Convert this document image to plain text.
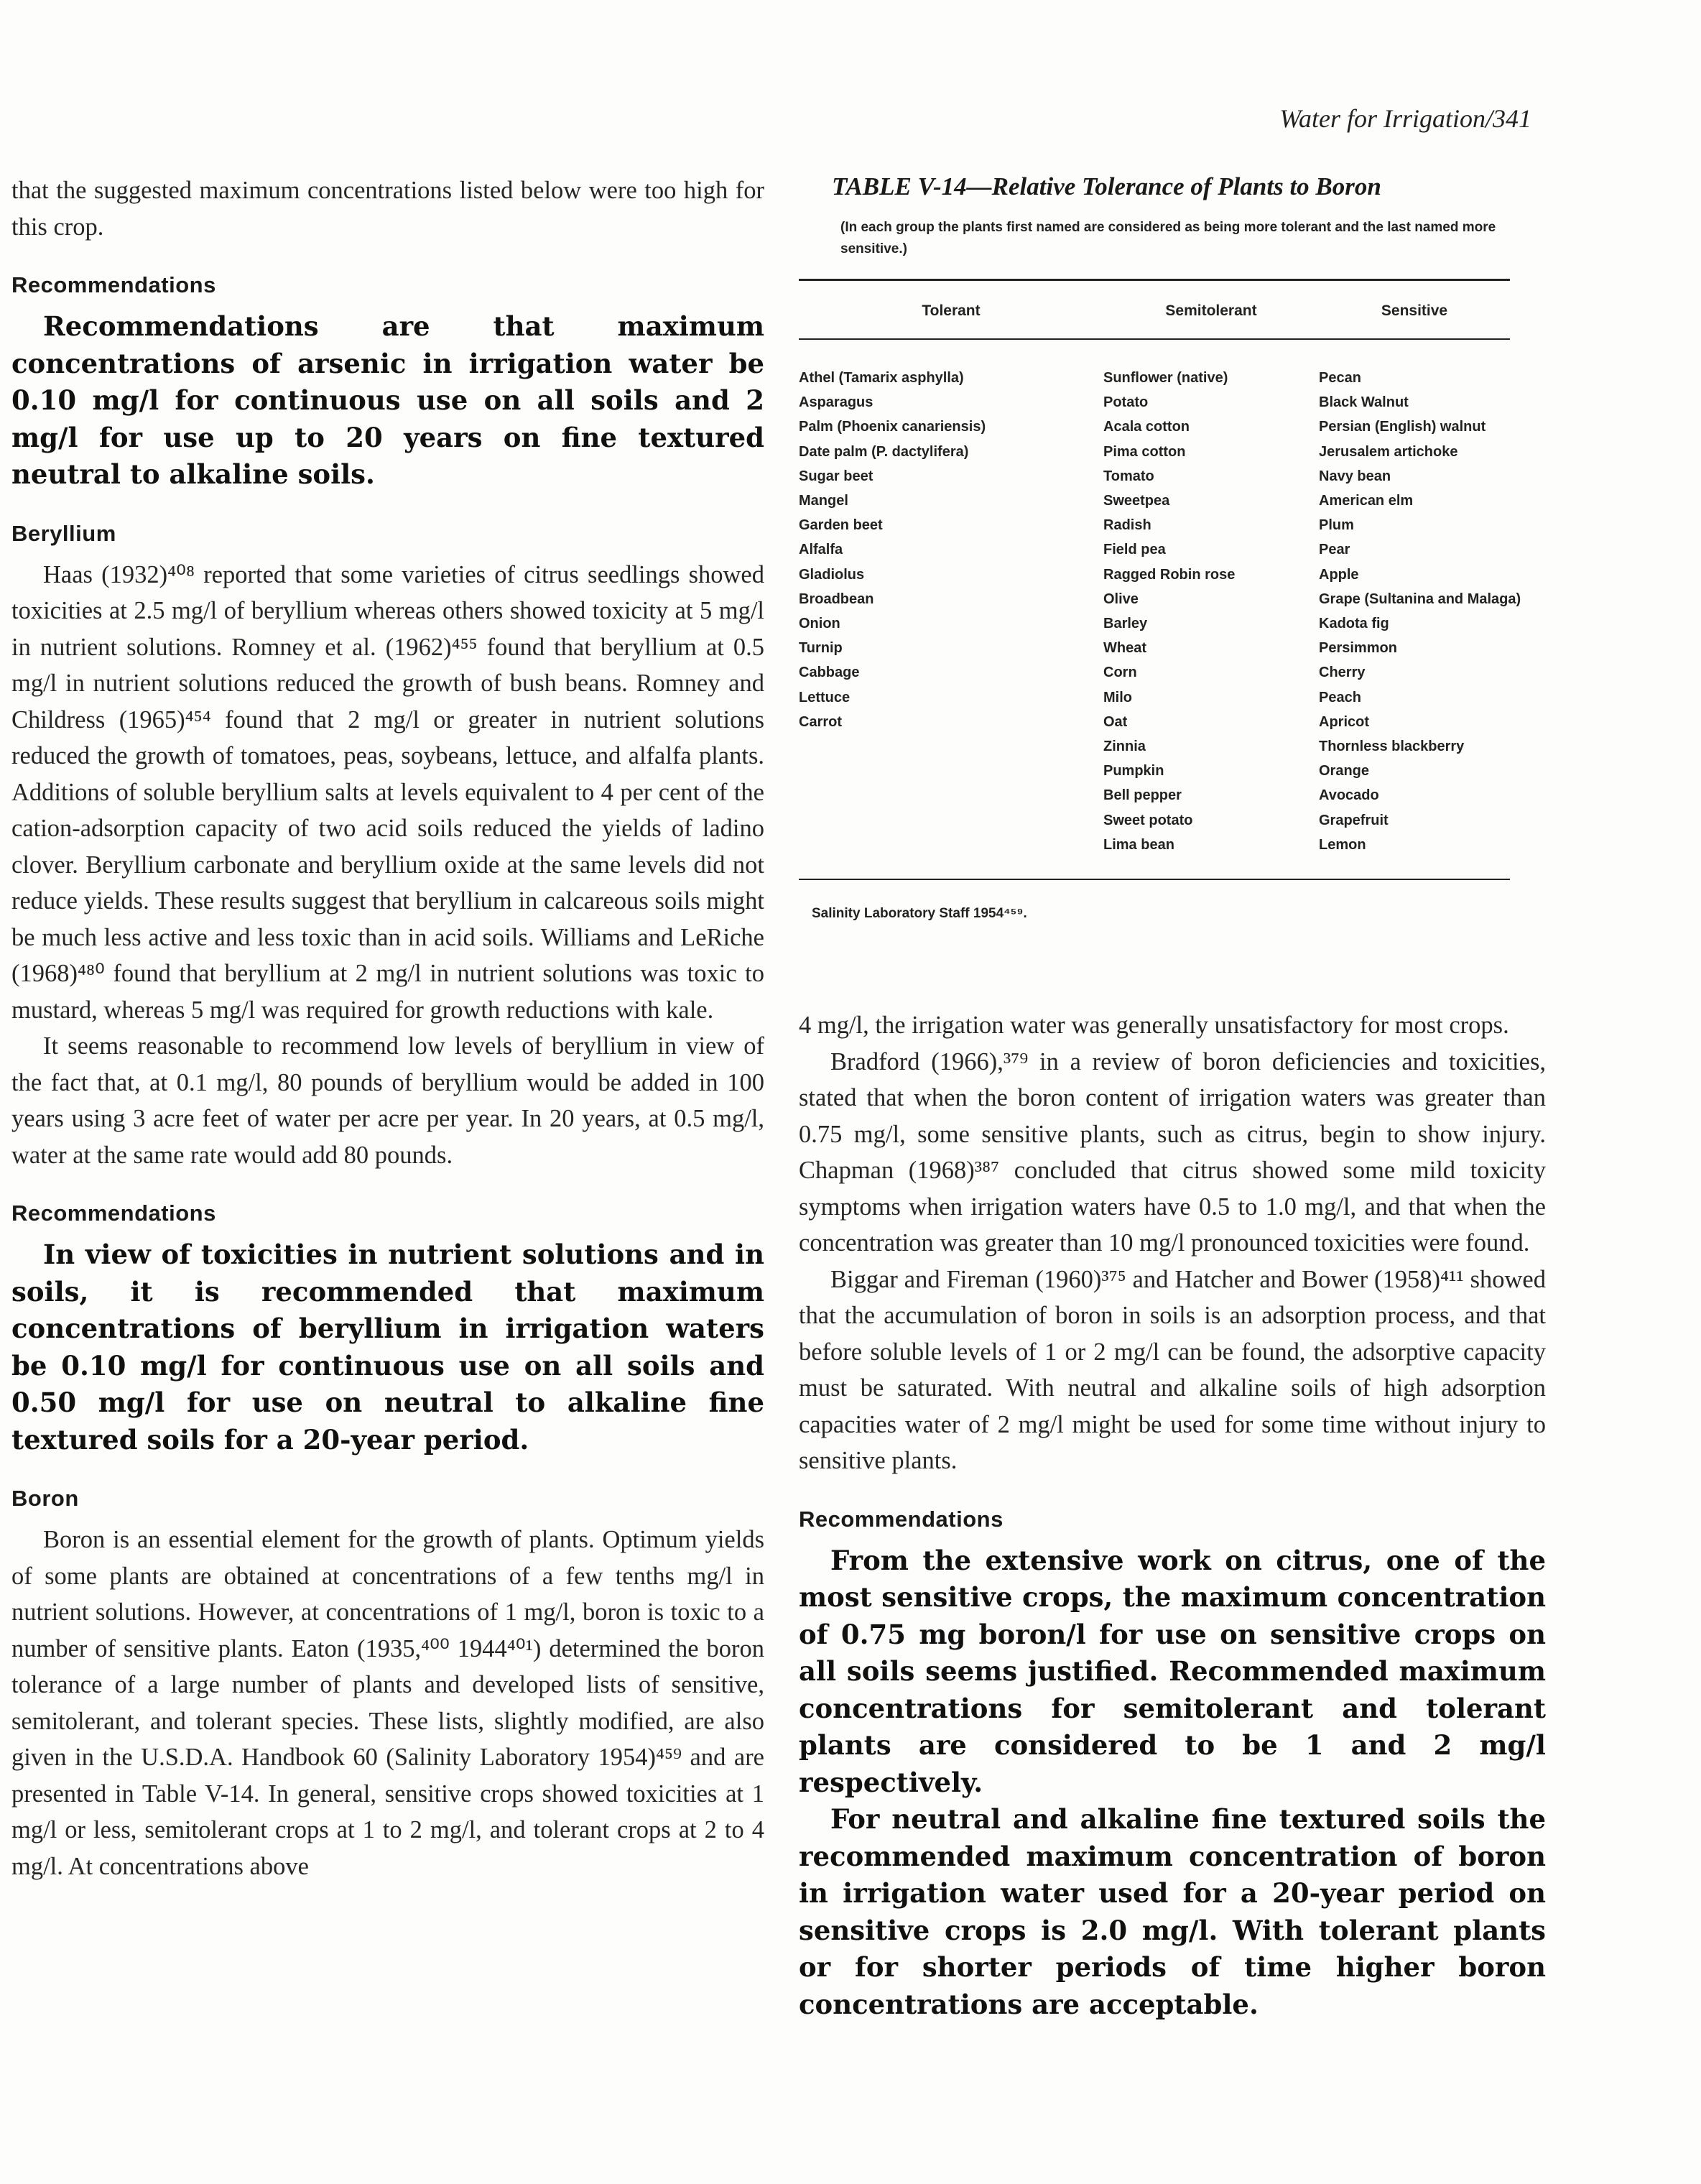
Water for Irrigation/341

that the suggested maximum concentrations listed below were too high for this crop.

Recommendations

Recommendations are that maximum concentrations of arsenic in irrigation water be 0.10 mg/l for continuous use on all soils and 2 mg/l for use up to 20 years on fine textured neutral to alkaline soils.

Beryllium

Haas (1932)⁴⁰⁸ reported that some varieties of citrus seedlings showed toxicities at 2.5 mg/l of beryllium whereas others showed toxicity at 5 mg/l in nutrient solutions. Romney et al. (1962)⁴⁵⁵ found that beryllium at 0.5 mg/l in nutrient solutions reduced the growth of bush beans. Romney and Childress (1965)⁴⁵⁴ found that 2 mg/l or greater in nutrient solutions reduced the growth of tomatoes, peas, soybeans, lettuce, and alfalfa plants. Additions of soluble beryllium salts at levels equivalent to 4 per cent of the cation-adsorption capacity of two acid soils reduced the yields of ladino clover. Beryllium carbonate and beryllium oxide at the same levels did not reduce yields. These results suggest that beryllium in calcareous soils might be much less active and less toxic than in acid soils. Williams and LeRiche (1968)⁴⁸⁰ found that beryllium at 2 mg/l in nutrient solutions was toxic to mustard, whereas 5 mg/l was required for growth reductions with kale.

It seems reasonable to recommend low levels of beryllium in view of the fact that, at 0.1 mg/l, 80 pounds of beryllium would be added in 100 years using 3 acre feet of water per acre per year. In 20 years, at 0.5 mg/l, water at the same rate would add 80 pounds.

Recommendations

In view of toxicities in nutrient solutions and in soils, it is recommended that maximum concentrations of beryllium in irrigation waters be 0.10 mg/l for continuous use on all soils and 0.50 mg/l for use on neutral to alkaline fine textured soils for a 20-year period.

Boron

Boron is an essential element for the growth of plants. Optimum yields of some plants are obtained at concentrations of a few tenths mg/l in nutrient solutions. However, at concentrations of 1 mg/l, boron is toxic to a number of sensitive plants. Eaton (1935,⁴⁰⁰ 1944⁴⁰¹) determined the boron tolerance of a large number of plants and developed lists of sensitive, semitolerant, and tolerant species. These lists, slightly modified, are also given in the U.S.D.A. Handbook 60 (Salinity Laboratory 1954)⁴⁵⁹ and are presented in Table V-14. In general, sensitive crops showed toxicities at 1 mg/l or less, semitolerant crops at 1 to 2 mg/l, and tolerant crops at 2 to 4 mg/l. At concentrations above

TABLE V-14—Relative Tolerance of Plants to Boron
(In each group the plants first named are considered as being more tolerant and the last named more sensitive.)
Tolerant	Semitolerant	Sensitive
Athel (Tamarix asphylla)
Asparagus
Palm (Phoenix canariensis)
Date palm (P. dactylifera)
Sugar beet
Mangel
Garden beet
Alfalfa
Gladiolus
Broadbean
Onion
Turnip
Cabbage
Lettuce
Carrot
Sunflower (native)
Potato
Acala cotton
Pima cotton
Tomato
Sweetpea
Radish
Field pea
Ragged Robin rose
Olive
Barley
Wheat
Corn
Milo
Oat
Zinnia
Pumpkin
Bell pepper
Sweet potato
Lima bean
Pecan
Black Walnut
Persian (English) walnut
Jerusalem artichoke
Navy bean
American elm
Plum
Pear
Apple
Grape (Sultanina and Malaga)
Kadota fig
Persimmon
Cherry
Peach
Apricot
Thornless blackberry
Orange
Avocado
Grapefruit
Lemon
Salinity Laboratory Staff 1954⁴⁵⁹.

4 mg/l, the irrigation water was generally unsatisfactory for most crops.

Bradford (1966),³⁷⁹ in a review of boron deficiencies and toxicities, stated that when the boron content of irrigation waters was greater than 0.75 mg/l, some sensitive plants, such as citrus, begin to show injury. Chapman (1968)³⁸⁷ concluded that citrus showed some mild toxicity symptoms when irrigation waters have 0.5 to 1.0 mg/l, and that when the concentration was greater than 10 mg/l pronounced toxicities were found.

Biggar and Fireman (1960)³⁷⁵ and Hatcher and Bower (1958)⁴¹¹ showed that the accumulation of boron in soils is an adsorption process, and that before soluble levels of 1 or 2 mg/l can be found, the adsorptive capacity must be saturated. With neutral and alkaline soils of high adsorption capacities water of 2 mg/l might be used for some time without injury to sensitive plants.

Recommendations

From the extensive work on citrus, one of the most sensitive crops, the maximum concentration of 0.75 mg boron/l for use on sensitive crops on all soils seems justified. Recommended maximum concentrations for semitolerant and tolerant plants are considered to be 1 and 2 mg/l respectively.

For neutral and alkaline fine textured soils the recommended maximum concentration of boron in irrigation water used for a 20-year period on sensitive crops is 2.0 mg/l. With tolerant plants or for shorter periods of time higher boron concentrations are acceptable.
